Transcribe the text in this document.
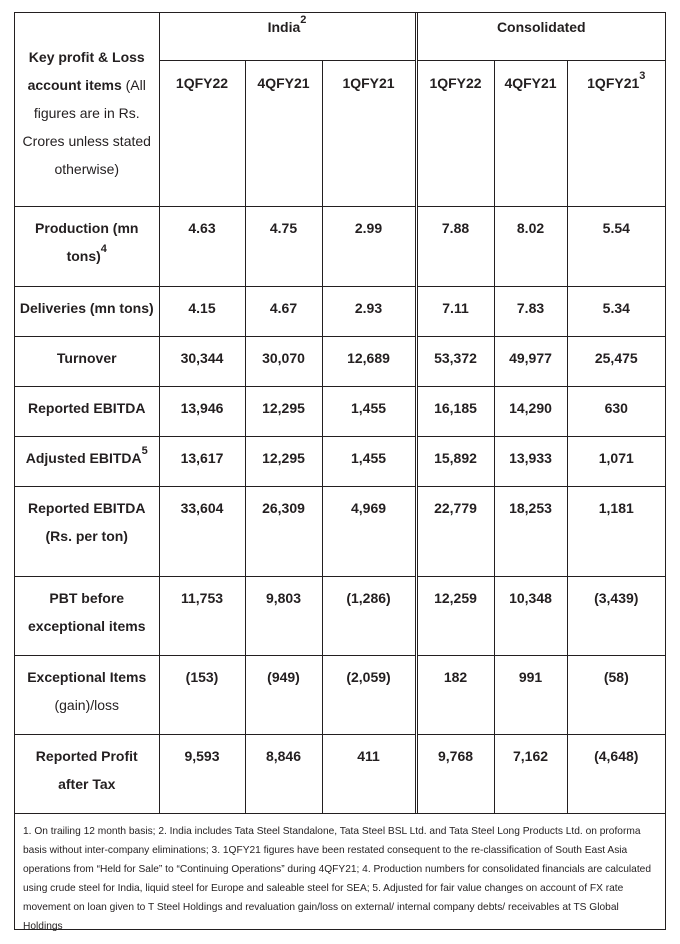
Key profit & Loss
account items (All
figures are in Rs.
Crores unless stated
otherwise)	India$^2$			Consolidated		
	1QFY22	4QFY21	1QFY21	1QFY22	4QFY21	$1QFY21^3$

Production (mn
tons)$^4$	4.63	4.75	2.99	7.88	8.02	5.54

Deliveries (mn tons)	4.15	4.67	2.93	7.11	7.83	5.34

Turnover	30,344	30,070	12,689	53,372	49,977	25,475

Reported EBITDA	13,946	12,295	1,455	16,185	14,290	630

Adjusted EBITDA$^5$	13,617	12,295	1,455	15,892	13,933	1,071

Reported EBITDA
(Rs. per ton)	33,604	26,309	4,969	22,779	18,253	1,181

PBT before
exceptional items	11,753	9,803	(1,286)	12,259	10,348	(3,439)

Exceptional Items
(gain)/loss	(153)	(949)	(2,059)	182	991	(58)

Reported Profit
after Tax	9,593	8,846	411	9,768	7,162	(4,648)
1. On trailing 12 month basis; 2. India includes Tata Steel Standalone, Tata Steel BSL Ltd. and Tata Steel Long Products Ltd. on proforma basis without inter-company eliminations; 3. 1QFY21 figures have been restated consequent to the re-classification of South East Asia operations from “Held for Sale” to “Continuing Operations” during 4QFY21; 4. Production numbers for consolidated financials are calculated using crude steel for India, liquid steel for Europe and saleable steel for SEA; 5. Adjusted for fair value changes on account of FX rate movement on loan given to T Steel Holdings and revaluation gain/loss on external/ internal company debts/ receivables at TS Global Holdings
